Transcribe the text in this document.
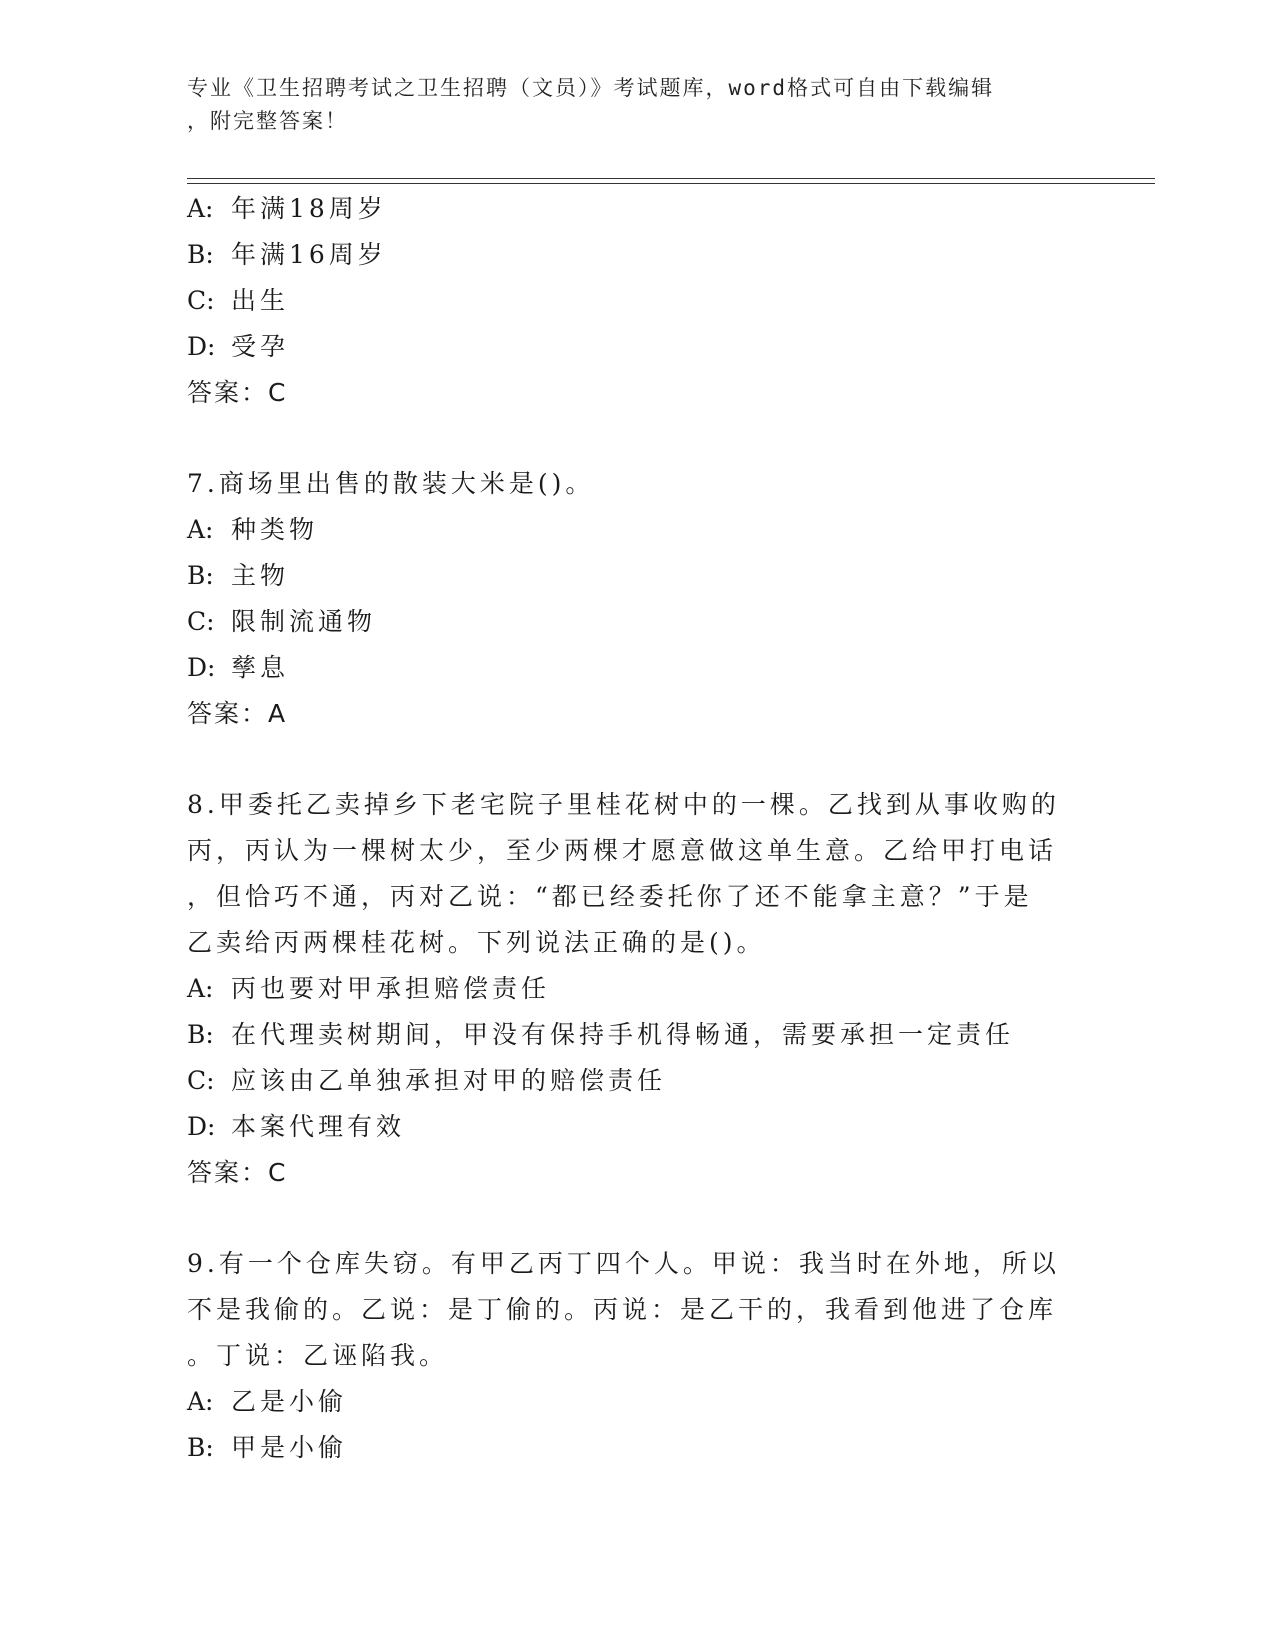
专业《卫生招聘考试之卫生招聘（文员）》考试题库，word格式可自由下载编辑
，附完整答案！
A: 年满18周岁
B: 年满16周岁
C: 出生
D: 受孕
答案：C
7.商场里出售的散装大米是()。
A: 种类物
B: 主物
C: 限制流通物
D: 孳息
答案：A
8.甲委托乙卖掉乡下老宅院子里桂花树中的一棵。乙找到从事收购的
丙，丙认为一棵树太少，至少两棵才愿意做这单生意。乙给甲打电话
，但恰巧不通，丙对乙说：“都已经委托你了还不能拿主意？”于是
乙卖给丙两棵桂花树。下列说法正确的是()。
A: 丙也要对甲承担赔偿责任
B: 在代理卖树期间，甲没有保持手机得畅通，需要承担一定责任
C: 应该由乙单独承担对甲的赔偿责任
D: 本案代理有效
答案：C
9.有一个仓库失窃。有甲乙丙丁四个人。甲说：我当时在外地，所以
不是我偷的。乙说：是丁偷的。丙说：是乙干的，我看到他进了仓库
。丁说：乙诬陷我。
A: 乙是小偷
B: 甲是小偷
